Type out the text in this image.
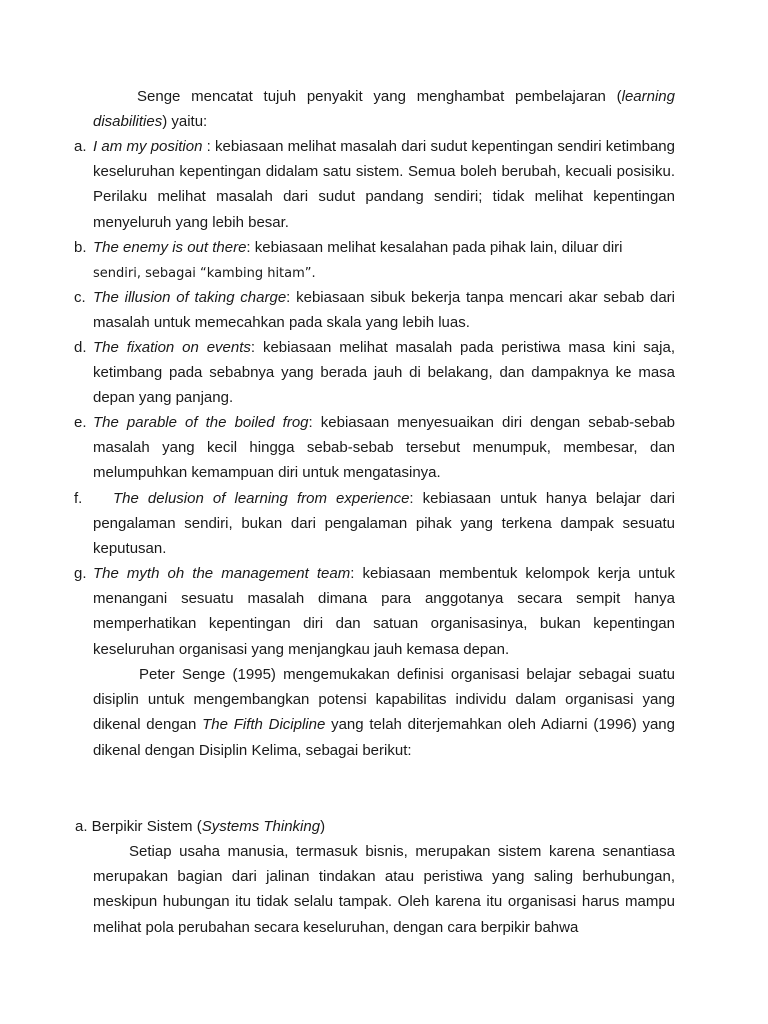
Senge mencatat tujuh penyakit yang menghambat pembelajaran (learning disabilities) yaitu:

a. I am my position : kebiasaan melihat masalah dari sudut kepentingan sendiri ketimbang keseluruhan kepentingan didalam satu sistem. Semua boleh berubah, kecuali posisiku. Perilaku melihat masalah dari sudut pandang sendiri; tidak melihat kepentingan menyeluruh yang lebih besar.

b. The enemy is out there: kebiasaan melihat kesalahan pada pihak lain, diluar diri
sendiri, sebagai “kambing hitam”.

c. The illusion of taking charge: kebiasaan sibuk bekerja tanpa mencari akar sebab dari masalah untuk memecahkan pada skala yang lebih luas.

d. The fixation on events: kebiasaan melihat masalah pada peristiwa masa kini saja, ketimbang pada sebabnya yang berada jauh di belakang, dan dampaknya ke masa depan yang panjang.

e. The parable of the boiled frog: kebiasaan menyesuaikan diri dengan sebab-sebab masalah yang kecil hingga sebab-sebab tersebut menumpuk, membesar, dan melumpuhkan kemampuan diri untuk mengatasinya.

f. The delusion of learning from experience: kebiasaan untuk hanya belajar dari pengalaman sendiri, bukan dari pengalaman pihak yang terkena dampak sesuatu keputusan.

g. The myth oh the management team: kebiasaan membentuk kelompok kerja untuk menangani sesuatu masalah dimana para anggotanya secara sempit hanya memperhatikan kepentingan diri dan satuan organisasinya, bukan kepentingan keseluruhan organisasi yang menjangkau jauh kemasa depan.

Peter Senge (1995) mengemukakan definisi organisasi belajar sebagai suatu disiplin untuk mengembangkan potensi kapabilitas individu dalam organisasi yang dikenal dengan The Fifth Dicipline yang telah diterjemahkan oleh Adiarni (1996) yang dikenal dengan Disiplin Kelima, sebagai berikut:

a. Berpikir Sistem (Systems Thinking)

Setiap usaha manusia, termasuk bisnis, merupakan sistem karena senantiasa merupakan bagian dari jalinan tindakan atau peristiwa yang saling berhubungan, meskipun hubungan itu tidak selalu tampak. Oleh karena itu organisasi harus mampu melihat pola perubahan secara keseluruhan, dengan cara berpikir bahwa
